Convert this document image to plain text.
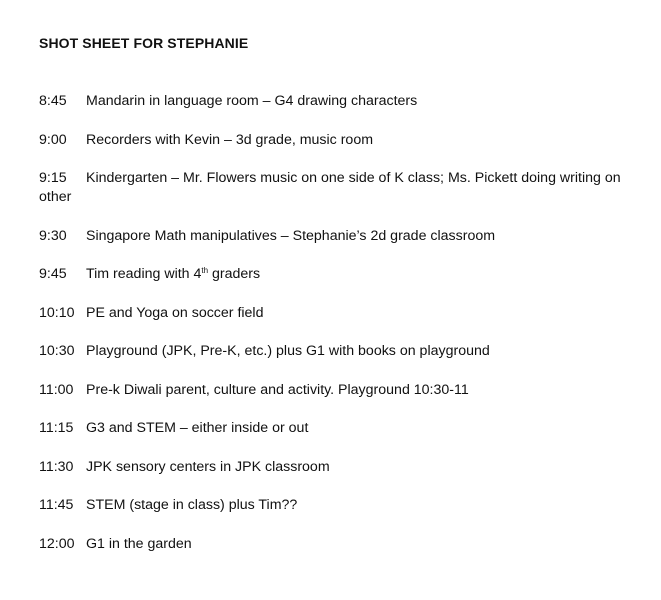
SHOT SHEET FOR STEPHANIE
8:45 Mandarin in language room – G4 drawing characters
9:00 Recorders with Kevin – 3d grade, music room
9:15 Kindergarten – Mr. Flowers music on one side of K class; Ms. Pickett doing writing on other
9:30 Singapore Math manipulatives – Stephanie’s 2d grade classroom
9:45 Tim reading with 4th graders
10:10 PE and Yoga on soccer field
10:30 Playground (JPK, Pre-K, etc.) plus G1 with books on playground
11:00 Pre-k Diwali parent, culture and activity. Playground 10:30-11
11:15 G3 and STEM – either inside or out
11:30 JPK sensory centers in JPK classroom
11:45 STEM (stage in class) plus Tim??
12:00 G1 in the garden
